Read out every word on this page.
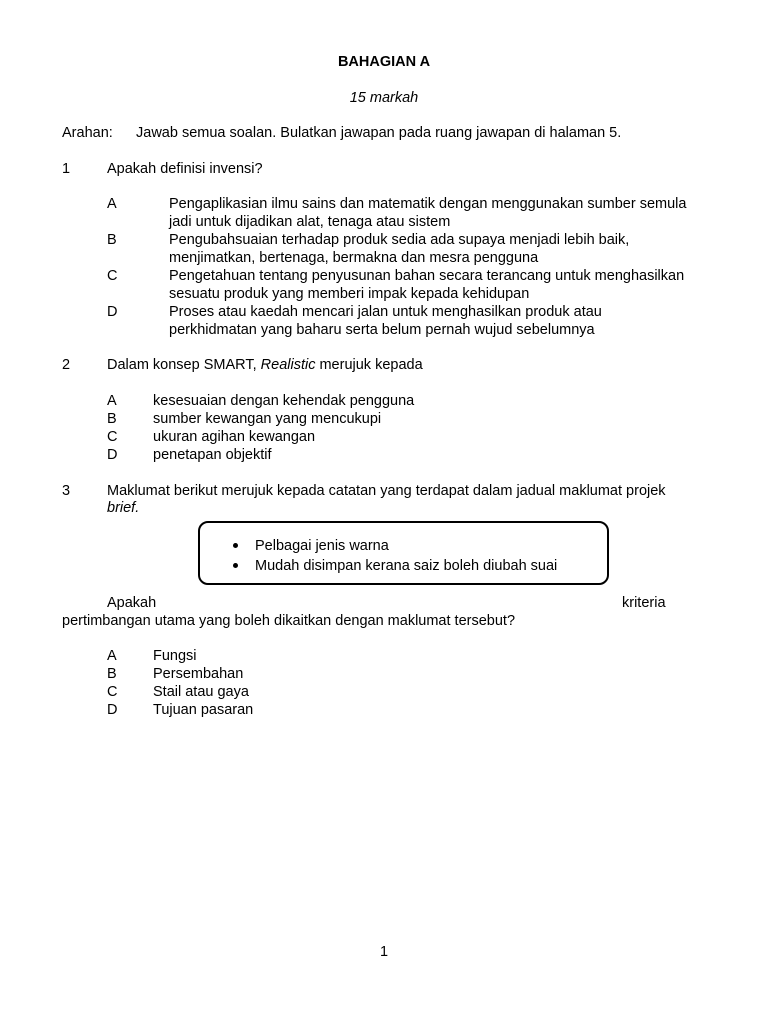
BAHAGIAN A
15 markah
Arahan: Jawab semua soalan. Bulatkan jawapan pada ruang jawapan di halaman 5.
1	Apakah definisi invensi?
A	Pengaplikasian ilmu sains dan matematik dengan menggunakan sumber semula
jadi untuk dijadikan alat, tenaga atau sistem
B	Pengubahsuaian terhadap produk sedia ada supaya menjadi lebih baik,
menjimatkan, bertenaga, bermakna dan mesra pengguna
C	Pengetahuan tentang penyusunan bahan secara terancang untuk menghasilkan
sesuatu produk yang memberi impak kepada kehidupan
D	Proses atau kaedah mencari jalan untuk menghasilkan produk atau
perkhidmatan yang baharu serta belum pernah wujud sebelumnya
2	Dalam konsep SMART, Realistic merujuk kepada
A	kesesuaian dengan kehendak pengguna
B	sumber kewangan yang mencukupi
C ukuran agihan kewangan
D penetapan objektif
3	Maklumat berikut merujuk kepada catatan yang terdapat dalam jadual maklumat projek
brief.
Pelbagai jenis warna
Mudah disimpan kerana saiz boleh diubah suai
Apakah	kriteria
pertimbangan utama yang boleh dikaitkan dengan maklumat tersebut?
A	Fungsi
B	Persembahan
C Stail atau gaya
D Tujuan pasaran
1
